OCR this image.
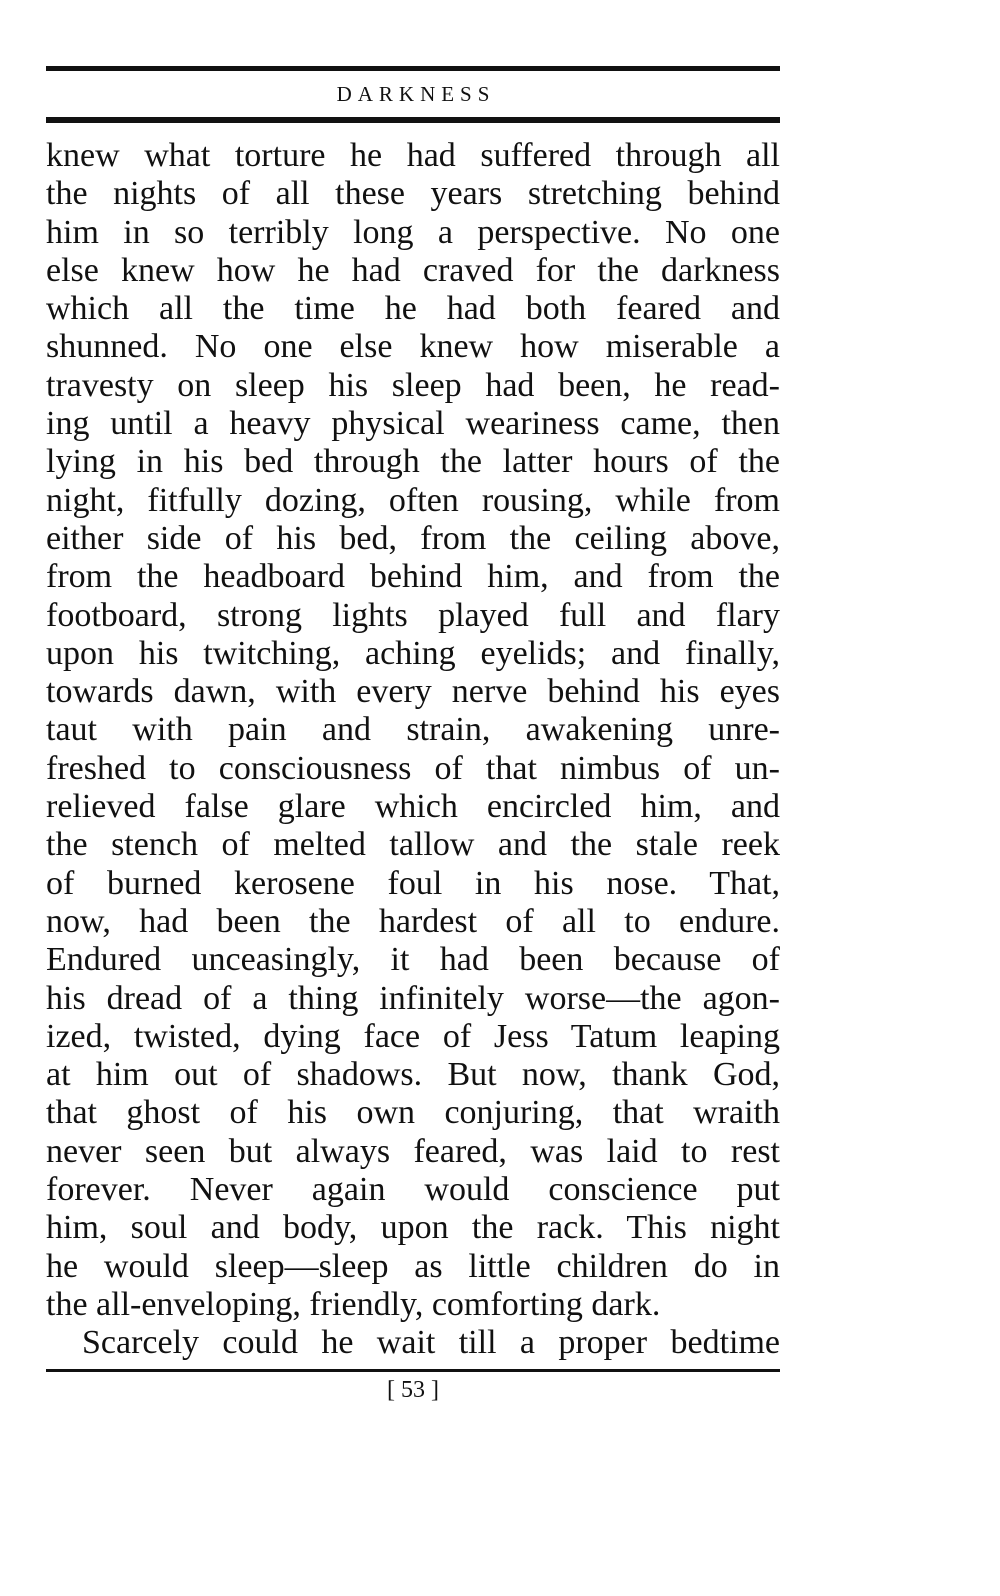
DARKNESS
knew what torture he had suffered through all
the nights of all these years stretching behind
him in so terribly long a perspective. No one
else knew how he had craved for the darkness
which all the time he had both feared and
shunned. No one else knew how miserable a
travesty on sleep his sleep had been, he read-
ing until a heavy physical weariness came, then
lying in his bed through the latter hours of the
night, fitfully dozing, often rousing, while from
either side of his bed, from the ceiling above,
from the headboard behind him, and from the
footboard, strong lights played full and flary
upon his twitching, aching eyelids; and finally,
towards dawn, with every nerve behind his eyes
taut with pain and strain, awakening unre-
freshed to consciousness of that nimbus of un-
relieved false glare which encircled him, and
the stench of melted tallow and the stale reek
of burned kerosene foul in his nose. That,
now, had been the hardest of all to endure.
Endured unceasingly, it had been because of
his dread of a thing infinitely worse—the agon-
ized, twisted, dying face of Jess Tatum leaping
at him out of shadows. But now, thank God,
that ghost of his own conjuring, that wraith
never seen but always feared, was laid to rest
forever. Never again would conscience put
him, soul and body, upon the rack. This night
he would sleep—sleep as little children do in
the all-enveloping, friendly, comforting dark.
Scarcely could he wait till a proper bedtime
[ 53 ]
